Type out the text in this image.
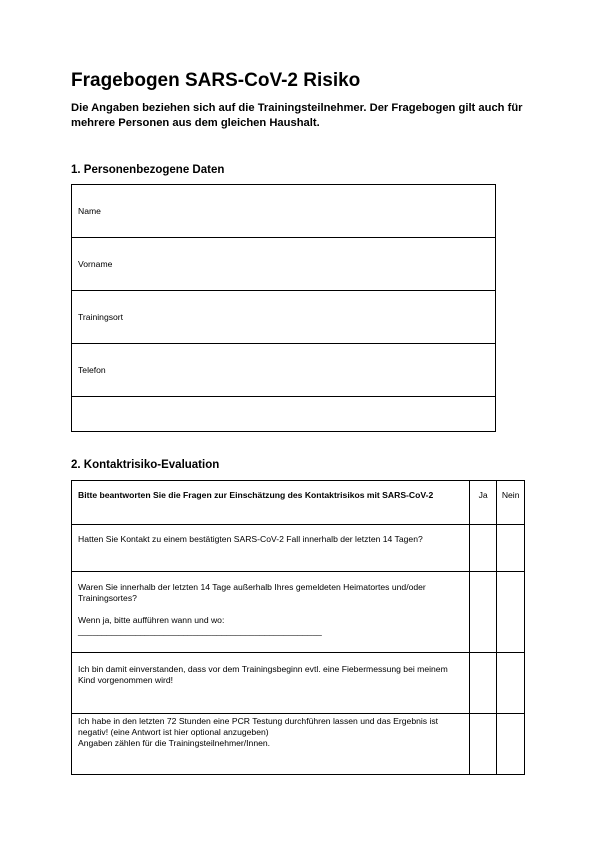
Fragebogen SARS-CoV-2 Risiko

Die Angaben beziehen sich auf die Trainingsteilnehmer. Der Fragebogen gilt auch für mehrere Personen aus dem gleichen Haushalt.

1. Personenbezogene Daten
Name
Vorname
Trainingsort
Telefon

2. Kontaktrisiko-Evaluation
Bitte beantworten Sie die Fragen zur Einschätzung des Kontaktrisikos mit SARS-CoV-2	Ja	Nein
Hatten Sie Kontakt zu einem bestätigten SARS-CoV-2 Fall innerhalb der letzten 14 Tagen?		

Waren Sie innerhalb der letzten 14 Tage außerhalb Ihres gemeldeten Heimatortes und/oder Trainingsortes?
Wenn ja, bitte aufführen wann und wo:
___________________________________________________		

Ich bin damit einverstanden, dass vor dem Trainingsbeginn evtl. eine Fiebermessung bei meinem Kind vorgenommen wird!		

Ich habe in den letzten 72 Stunden eine PCR Testung durchführen lassen und das Ergebnis ist negativ! (eine Antwort ist hier optional anzugeben)
Angaben zählen für die Trainingsteilnehmer/Innen.		
